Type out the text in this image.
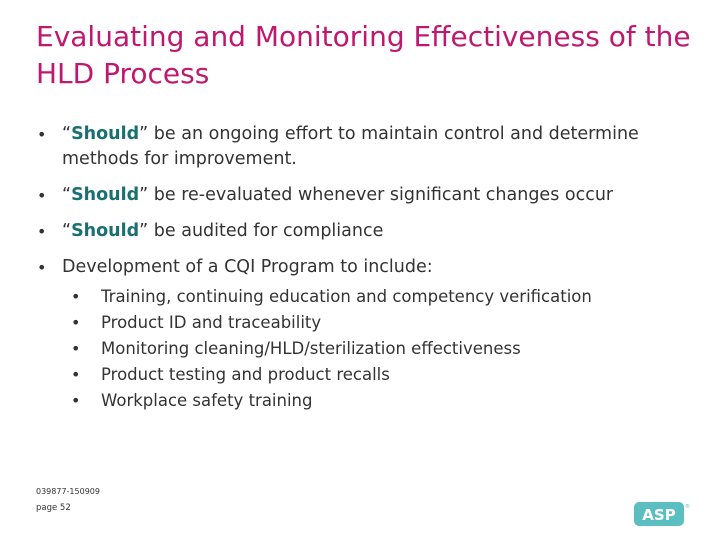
Evaluating and Monitoring Effectiveness of the HLD Process
• “Should” be an ongoing effort to maintain control and determine methods for improvement.
• “Should” be re-evaluated whenever significant changes occur
• “Should” be audited for compliance
• Development of a CQI Program to include:
• Training, continuing education and competency verification
• Product ID and traceability
• Monitoring cleaning/HLD/sterilization effectiveness
• Product testing and product recalls
• Workplace safety training
039877-150909
page 52	ASP ®
